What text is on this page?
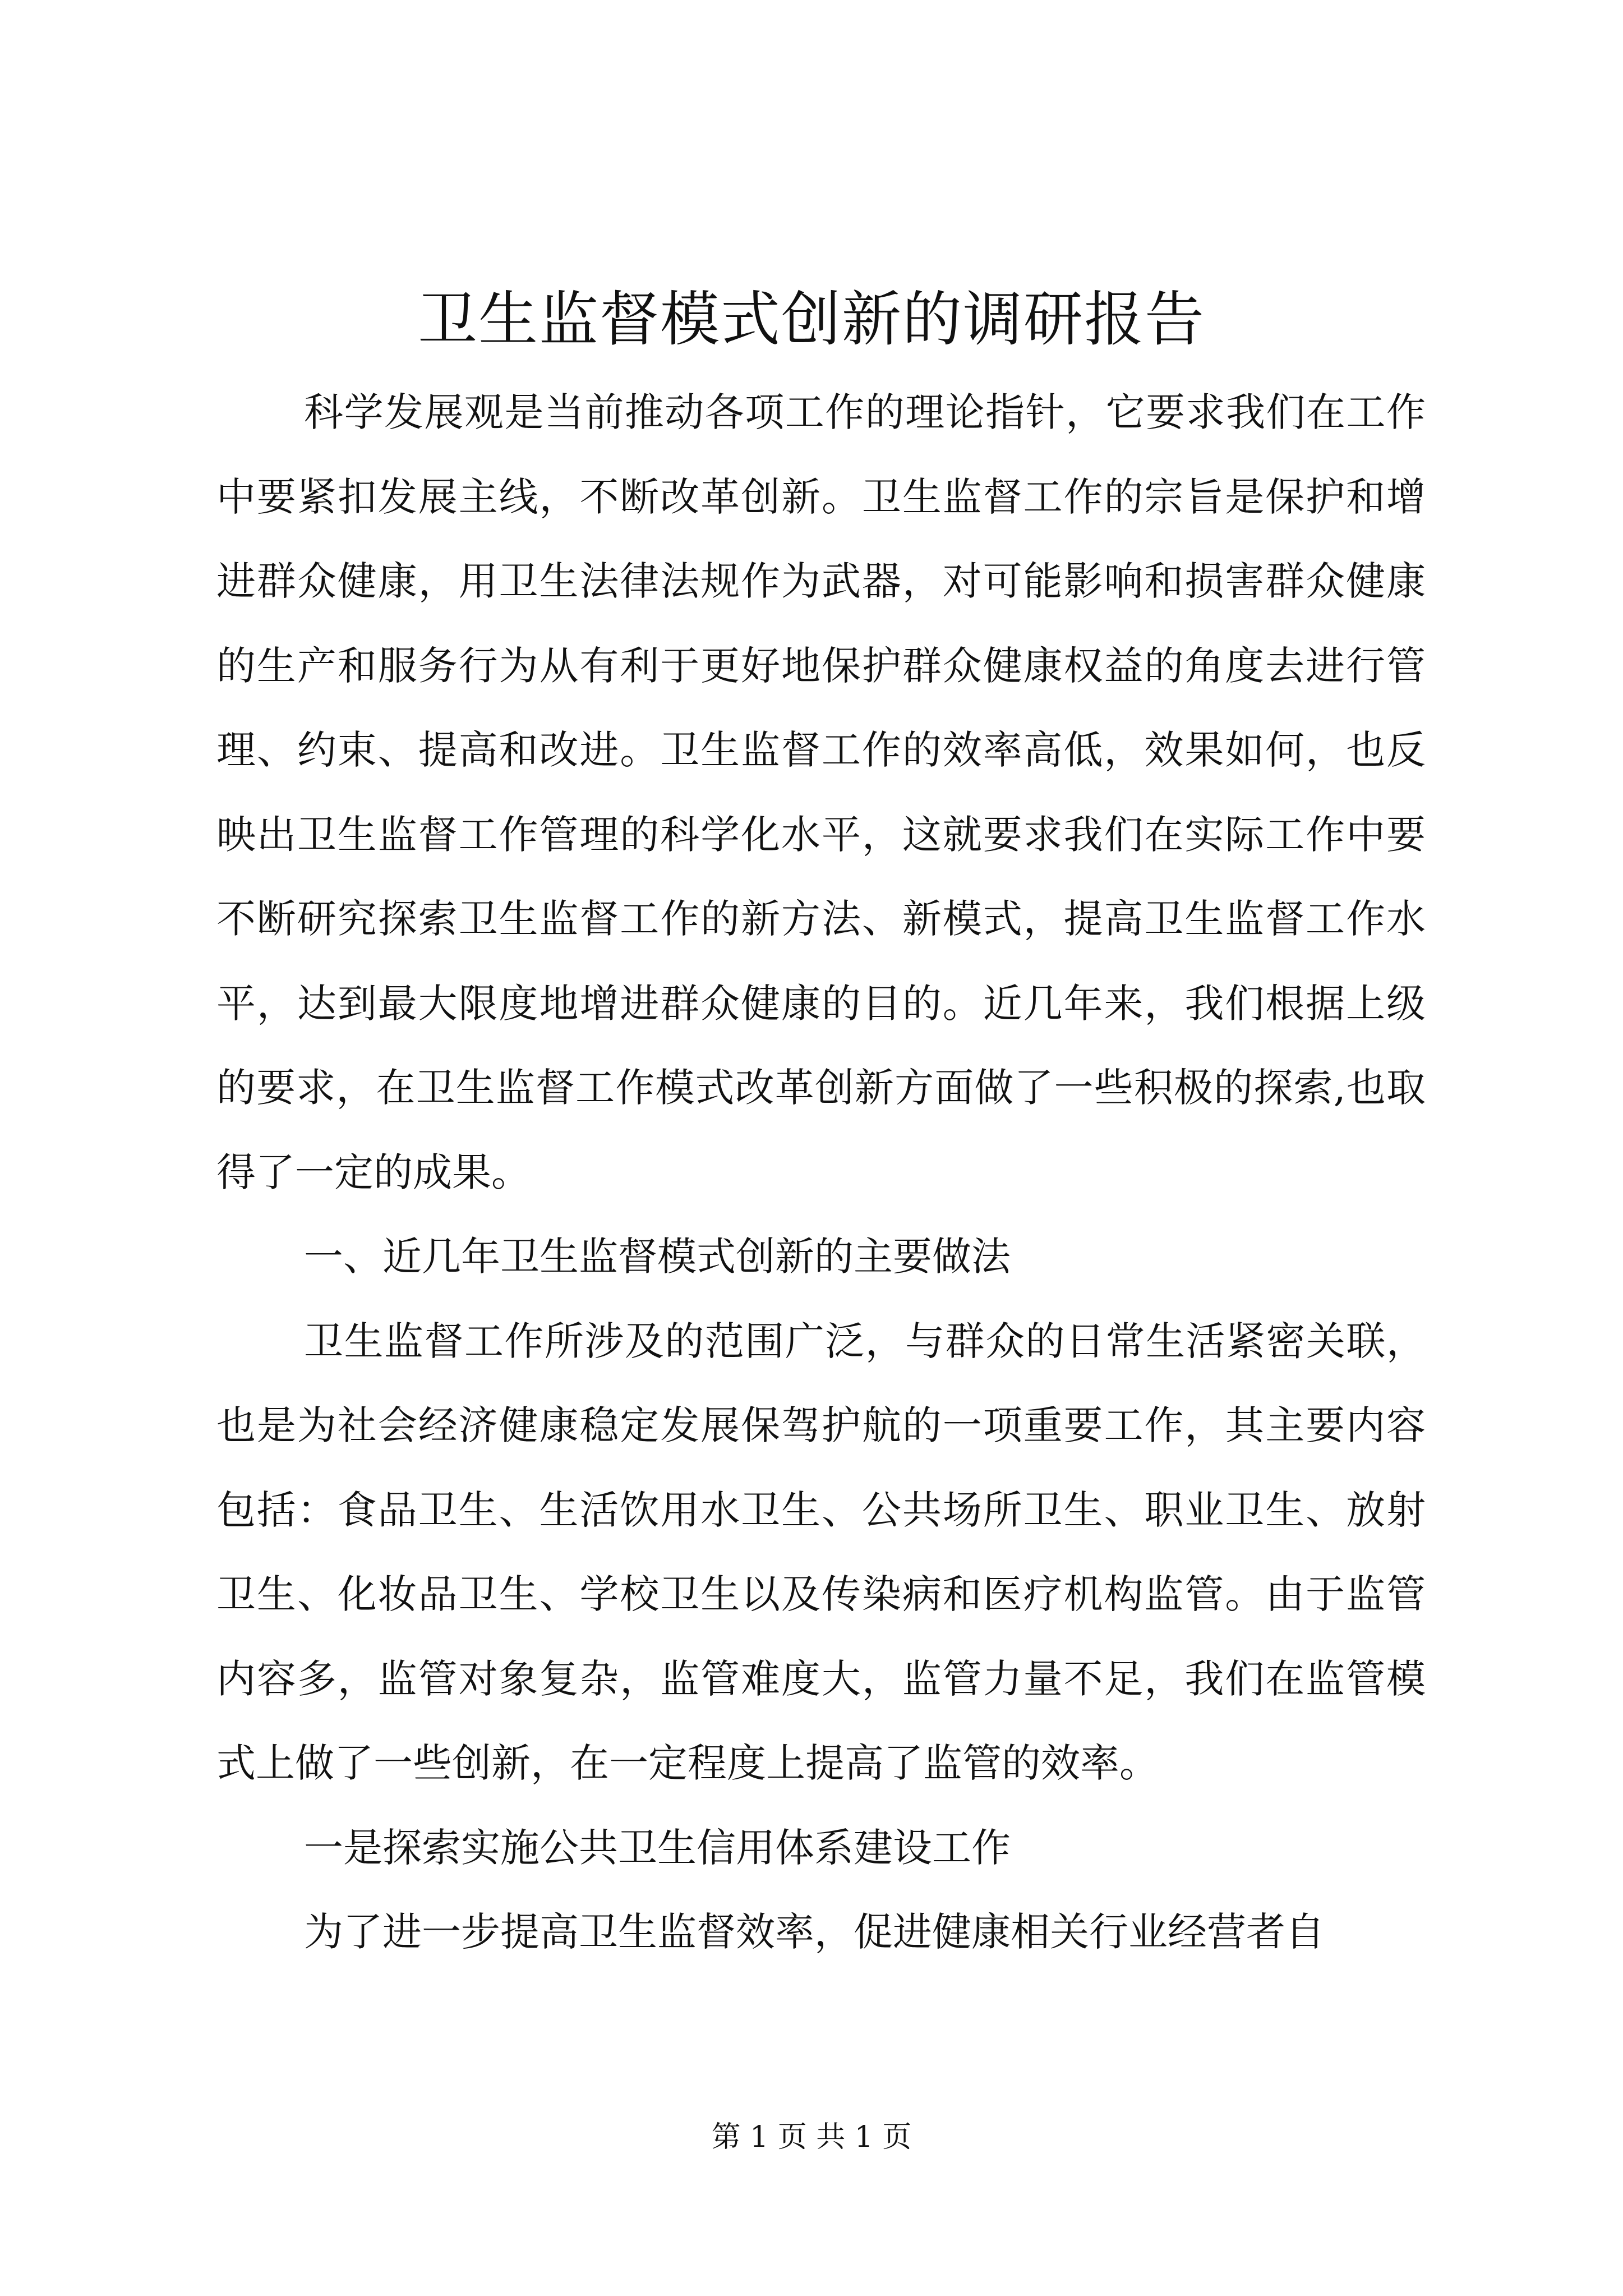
卫生监督模式创新的调研报告

科学发展观是当前推动各项工作的理论指针，它要求我们在工作中要紧扣发展主线，不断改革创新。卫生监督工作的宗旨是保护和增进群众健康，用卫生法律法规作为武器，对可能影响和损害群众健康的生产和服务行为从有利于更好地保护群众健康权益的角度去进行管理、约束、提高和改进。卫生监督工作的效率高低，效果如何，也反映出卫生监督工作管理的科学化水平，这就要求我们在实际工作中要不断研究探索卫生监督工作的新方法、新模式，提高卫生监督工作水平，达到最大限度地增进群众健康的目的。近几年来，我们根据上级的要求，在卫生监督工作模式改革创新方面做了一些积极的探索,也取得了一定的成果。

一、近几年卫生监督模式创新的主要做法

卫生监督工作所涉及的范围广泛，与群众的日常生活紧密关联，也是为社会经济健康稳定发展保驾护航的一项重要工作，其主要内容包括：食品卫生、生活饮用水卫生、公共场所卫生、职业卫生、放射卫生、化妆品卫生、学校卫生以及传染病和医疗机构监管。由于监管内容多，监管对象复杂，监管难度大，监管力量不足，我们在监管模式上做了一些创新，在一定程度上提高了监管的效率。

一是探索实施公共卫生信用体系建设工作

为了进一步提高卫生监督效率，促进健康相关行业经营者自

第 1 页 共 1 页
